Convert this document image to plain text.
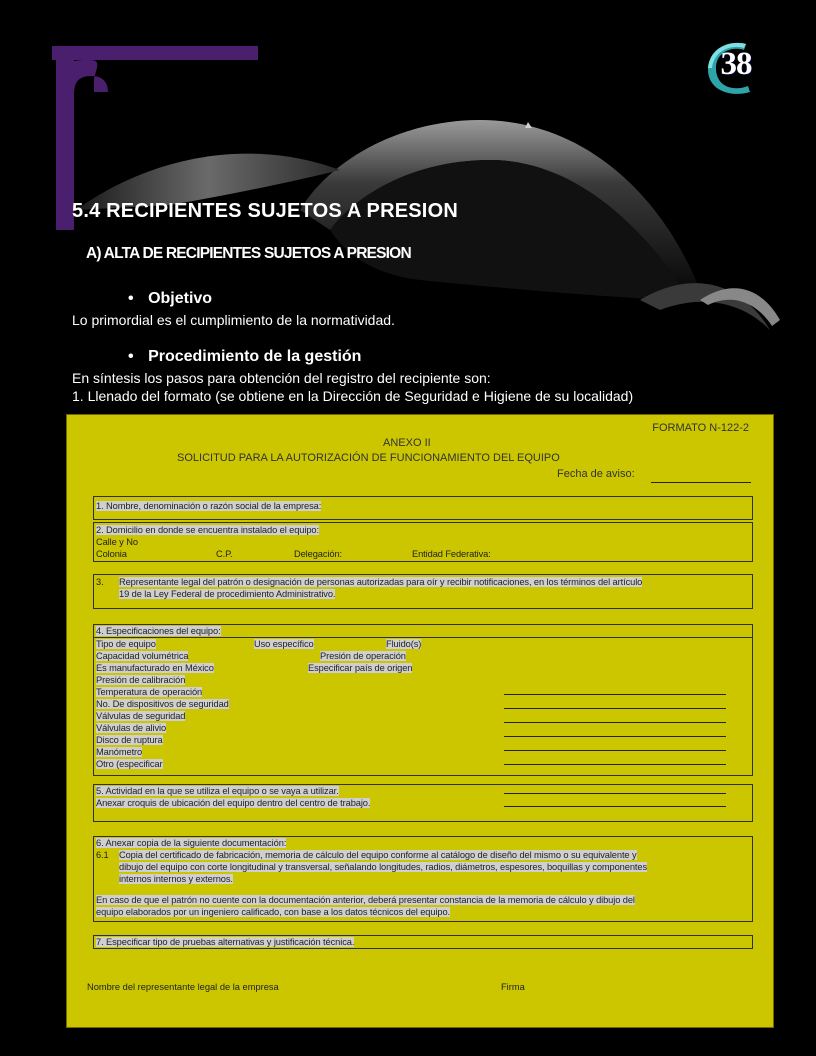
38
5.4 RECIPIENTES SUJETOS A PRESION
A) ALTA DE RECIPIENTES SUJETOS A PRESION
• Objetivo
Lo primordial es el cumplimiento de la normatividad.
• Procedimiento de la gestión
En síntesis los pasos para obtención del registro del recipiente son:
1. Llenado del formato (se obtiene en la Dirección de Seguridad e Higiene de su localidad)
FORMATO N-122-2
ANEXO II
SOLICITUD PARA LA AUTORIZACIÓN DE FUNCIONAMIENTO DEL EQUIPO
Fecha de aviso:
1. Nombre, denominación o razón social de la empresa:
2. Domicilio en donde se encuentra instalado el equipo:
Calle y No
Colonia	C.P.	Delegación:	Entidad Federativa:
3. Representante legal del patrón o designación de personas autorizadas para oír y recibir notificaciones, en los términos del artículo
19 de la Ley Federal de procedimiento Administrativo.
4. Especificaciones del equipo:
Tipo de equipo	Uso específico	Fluido(s)
Capacidad volumétrica	Presión de operación
Es manufacturado en México	Especificar país de origen
Presión de calibración
Temperatura de operación
No. De dispositivos de seguridad
Válvulas de seguridad
Válvulas de alivio
Disco de ruptura
Manómetro
Otro (especificar
5. Actividad en la que se utiliza el equipo o se vaya a utilizar.
Anexar croquis de ubicación del equipo dentro del centro de trabajo.
6. Anexar copia de la siguiente documentación:
6.1 Copia del certificado de fabricación, memoria de cálculo del equipo conforme al catálogo de diseño del mismo o su equivalente y
dibujo del equipo con corte longitudinal y transversal, señalando longitudes, radios, diámetros, espesores, boquillas y componentes
internos internos y externos.
En caso de que el patrón no cuente con la documentación anterior, deberá presentar constancia de la memoria de cálculo y dibujo del
equipo elaborados por un ingeniero calificado, con base a los datos técnicos del equipo.
7. Especificar tipo de pruebas alternativas y justificación técnica.
Nombre del representante legal de la empresa	Firma
